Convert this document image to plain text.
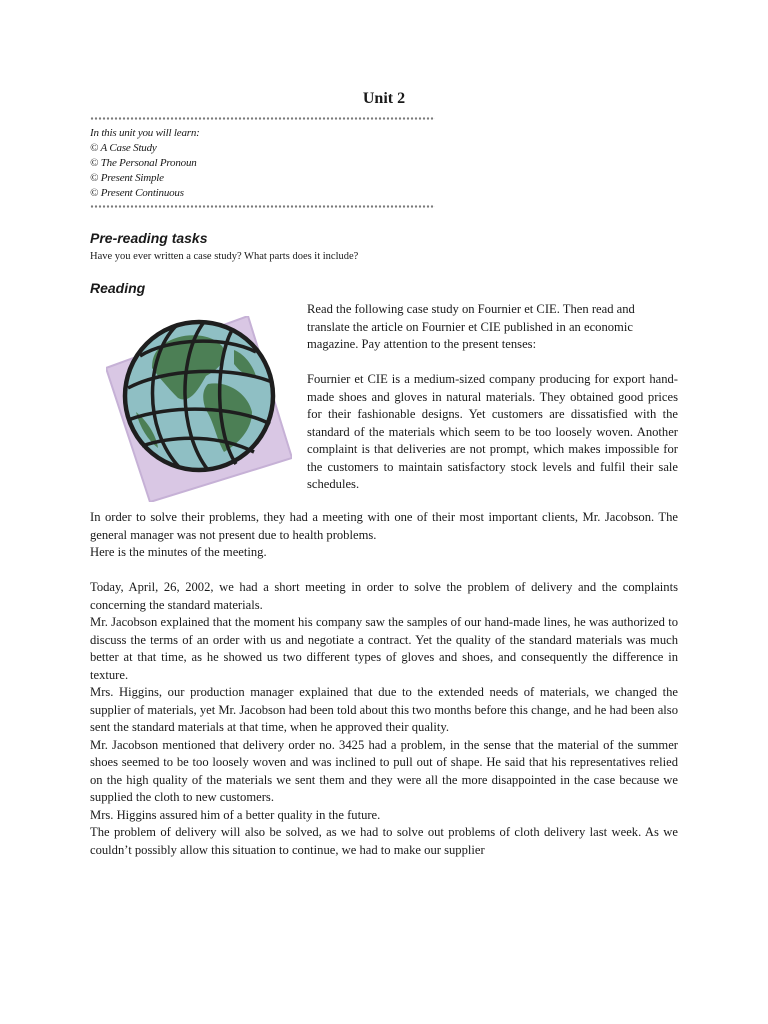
Unit 2
In this unit you will learn:
© A Case Study
© The Personal Pronoun
© Present Simple
© Present Continuous
Pre-reading tasks
Have you ever written a case study? What parts does it include?
Reading

Read the following case study on Fournier et CIE. Then read and translate the article on Fournier et CIE published in an economic magazine. Pay attention to the present tenses:

Fournier et CIE is a medium-sized company producing for export hand-made shoes and gloves in natural materials. They obtained good prices for their fashionable designs. Yet customers are dissatisfied with the standard of the materials which seem to be too loosely woven. Another complaint is that deliveries are not prompt, which makes impossible for the customers to maintain satisfactory stock levels and fulfil their sale schedules.

In order to solve their problems, they had a meeting with one of their most important clients, Mr. Jacobson. The general manager was not present due to health problems.

Here is the minutes of the meeting.

Today, April, 26, 2002, we had a short meeting in order to solve the problem of delivery and the complaints concerning the standard materials.

Mr. Jacobson explained that the moment his company saw the samples of our hand-made lines, he was authorized to discuss the terms of an order with us and negotiate a contract. Yet the quality of the standard materials was much better at that time, as he showed us two different types of gloves and shoes, and consequently the difference in texture.

Mrs. Higgins, our production manager explained that due to the extended needs of materials, we changed the supplier of materials, yet Mr. Jacobson had been told about this two months before this change, and he had been also sent the standard materials at that time, when he approved their quality.

Mr. Jacobson mentioned that delivery order no. 3425 had a problem, in the sense that the material of the summer shoes seemed to be too loosely woven and was inclined to pull out of shape. He said that his representatives relied on the high quality of the materials we sent them and they were all the more disappointed in the case because we supplied the cloth to new customers.

Mrs. Higgins assured him of a better quality in the future.

The problem of delivery will also be solved, as we had to solve out problems of cloth delivery last week. As we couldn’t possibly allow this situation to continue, we had to make our supplier
